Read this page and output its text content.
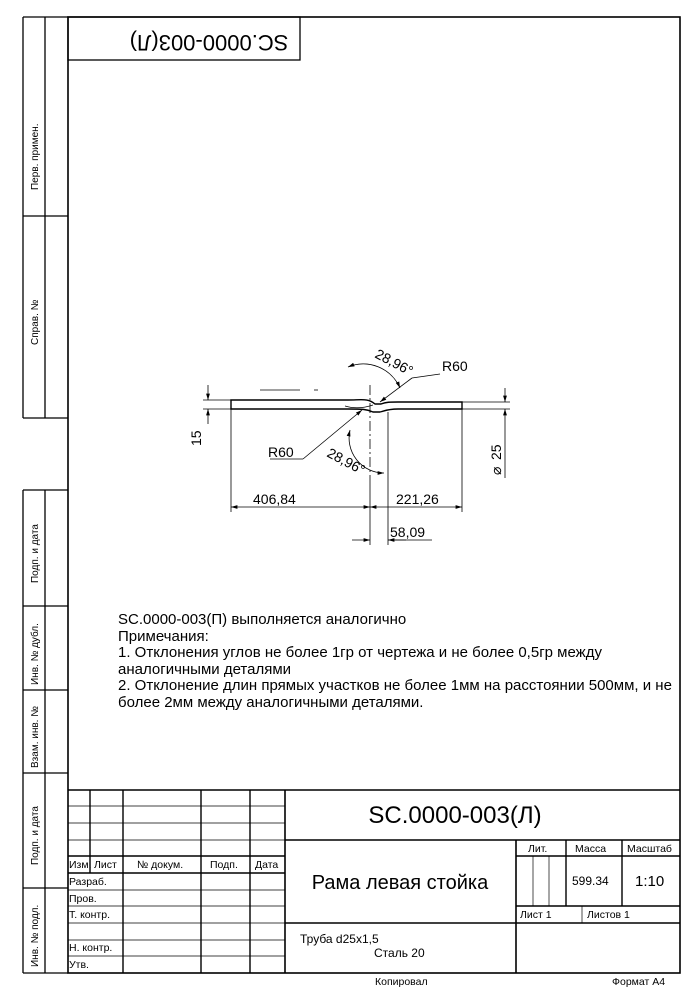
Перв. примен.
Справ. №
Подп. и дата
Инв. № дубл.
Взам. инв. №
Подп. и дата
Инв. № подл.
SC.0000-003(Л)
28,96° R60
R60 28,96°
15
⌀
25
406,84	221,26
58,09
Изм. Лист № докум.	Подп. Дата
Разраб.
Пров.
Т. контр.
Н. контр.
Утв.
Лит.	Масса Масштаб
Лист 1	Листов 1
Копировал	Формат А4
SC.0000-003(Л)
Рама левая стойка	599.34 1:10
Труба d25x1,5
Сталь 20
SC.0000-003(П) выполняется аналогично
Примечания:
1. Отклонения углов не более 1гр от чертежа и не более 0,5гр между аналогичными деталями
2. Отклонение длин прямых участков не более 1мм на расстоянии 500мм, и не более 2мм между аналогичными деталями.
